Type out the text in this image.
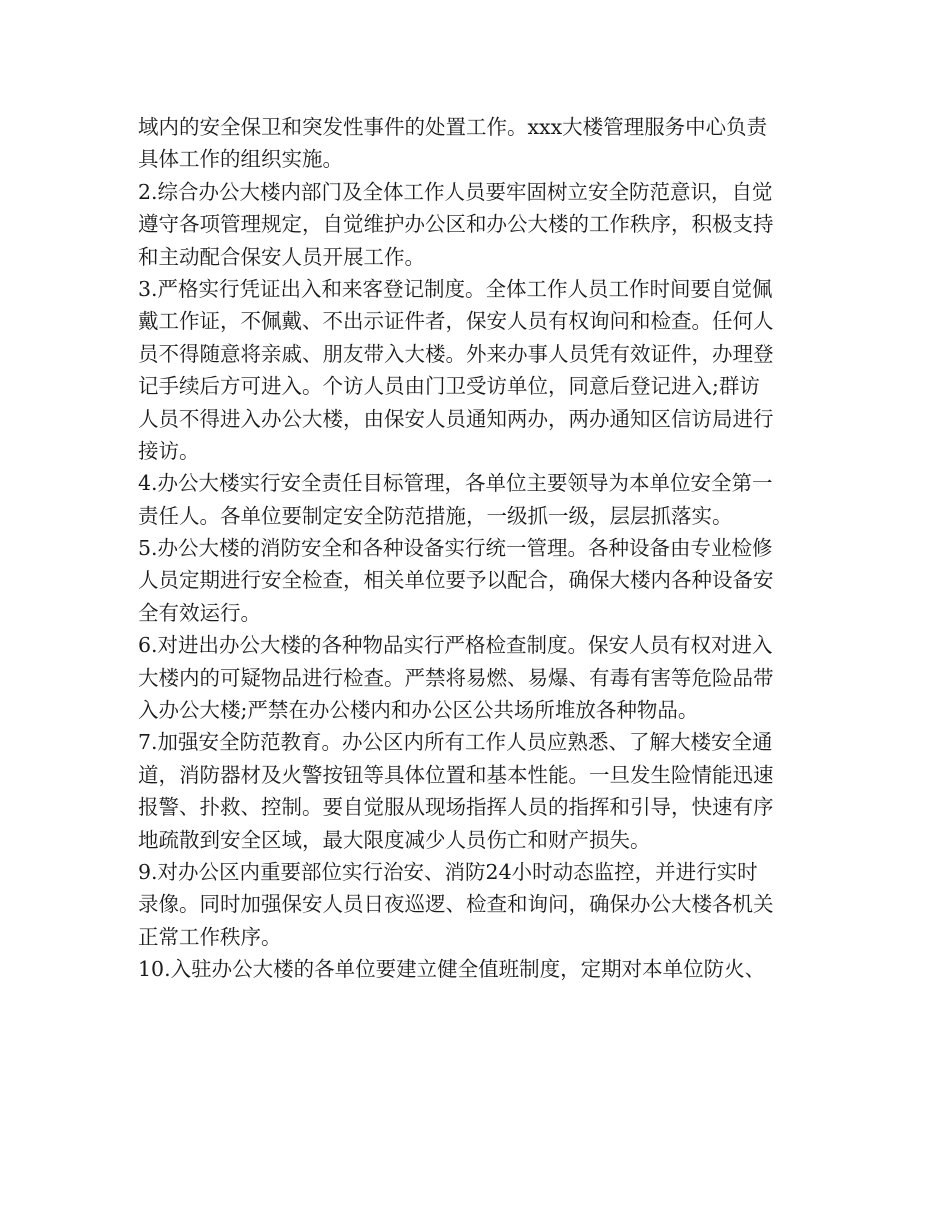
域内的安全保卫和突发性事件的处置工作。xxx大楼管理服务中心负责
具体工作的组织实施。
2.综合办公大楼内部门及全体工作人员要牢固树立安全防范意识，自觉
遵守各项管理规定，自觉维护办公区和办公大楼的工作秩序，积极支持
和主动配合保安人员开展工作。
3.严格实行凭证出入和来客登记制度。全体工作人员工作时间要自觉佩
戴工作证，不佩戴、不出示证件者，保安人员有权询问和检查。任何人
员不得随意将亲戚、朋友带入大楼。外来办事人员凭有效证件，办理登
记手续后方可进入。个访人员由门卫受访单位，同意后登记进入;群访
人员不得进入办公大楼，由保安人员通知两办，两办通知区信访局进行
接访。
4.办公大楼实行安全责任目标管理，各单位主要领导为本单位安全第一
责任人。各单位要制定安全防范措施，一级抓一级，层层抓落实。
5.办公大楼的消防安全和各种设备实行统一管理。各种设备由专业检修
人员定期进行安全检查，相关单位要予以配合，确保大楼内各种设备安
全有效运行。
6.对进出办公大楼的各种物品实行严格检查制度。保安人员有权对进入
大楼内的可疑物品进行检查。严禁将易燃、易爆、有毒有害等危险品带
入办公大楼;严禁在办公楼内和办公区公共场所堆放各种物品。
7.加强安全防范教育。办公区内所有工作人员应熟悉、了解大楼安全通
道，消防器材及火警按钮等具体位置和基本性能。一旦发生险情能迅速
报警、扑救、控制。要自觉服从现场指挥人员的指挥和引导，快速有序
地疏散到安全区域，最大限度减少人员伤亡和财产损失。
9.对办公区内重要部位实行治安、消防24小时动态监控，并进行实时
录像。同时加强保安人员日夜巡逻、检查和询问，确保办公大楼各机关
正常工作秩序。
10.入驻办公大楼的各单位要建立健全值班制度，定期对本单位防火、
